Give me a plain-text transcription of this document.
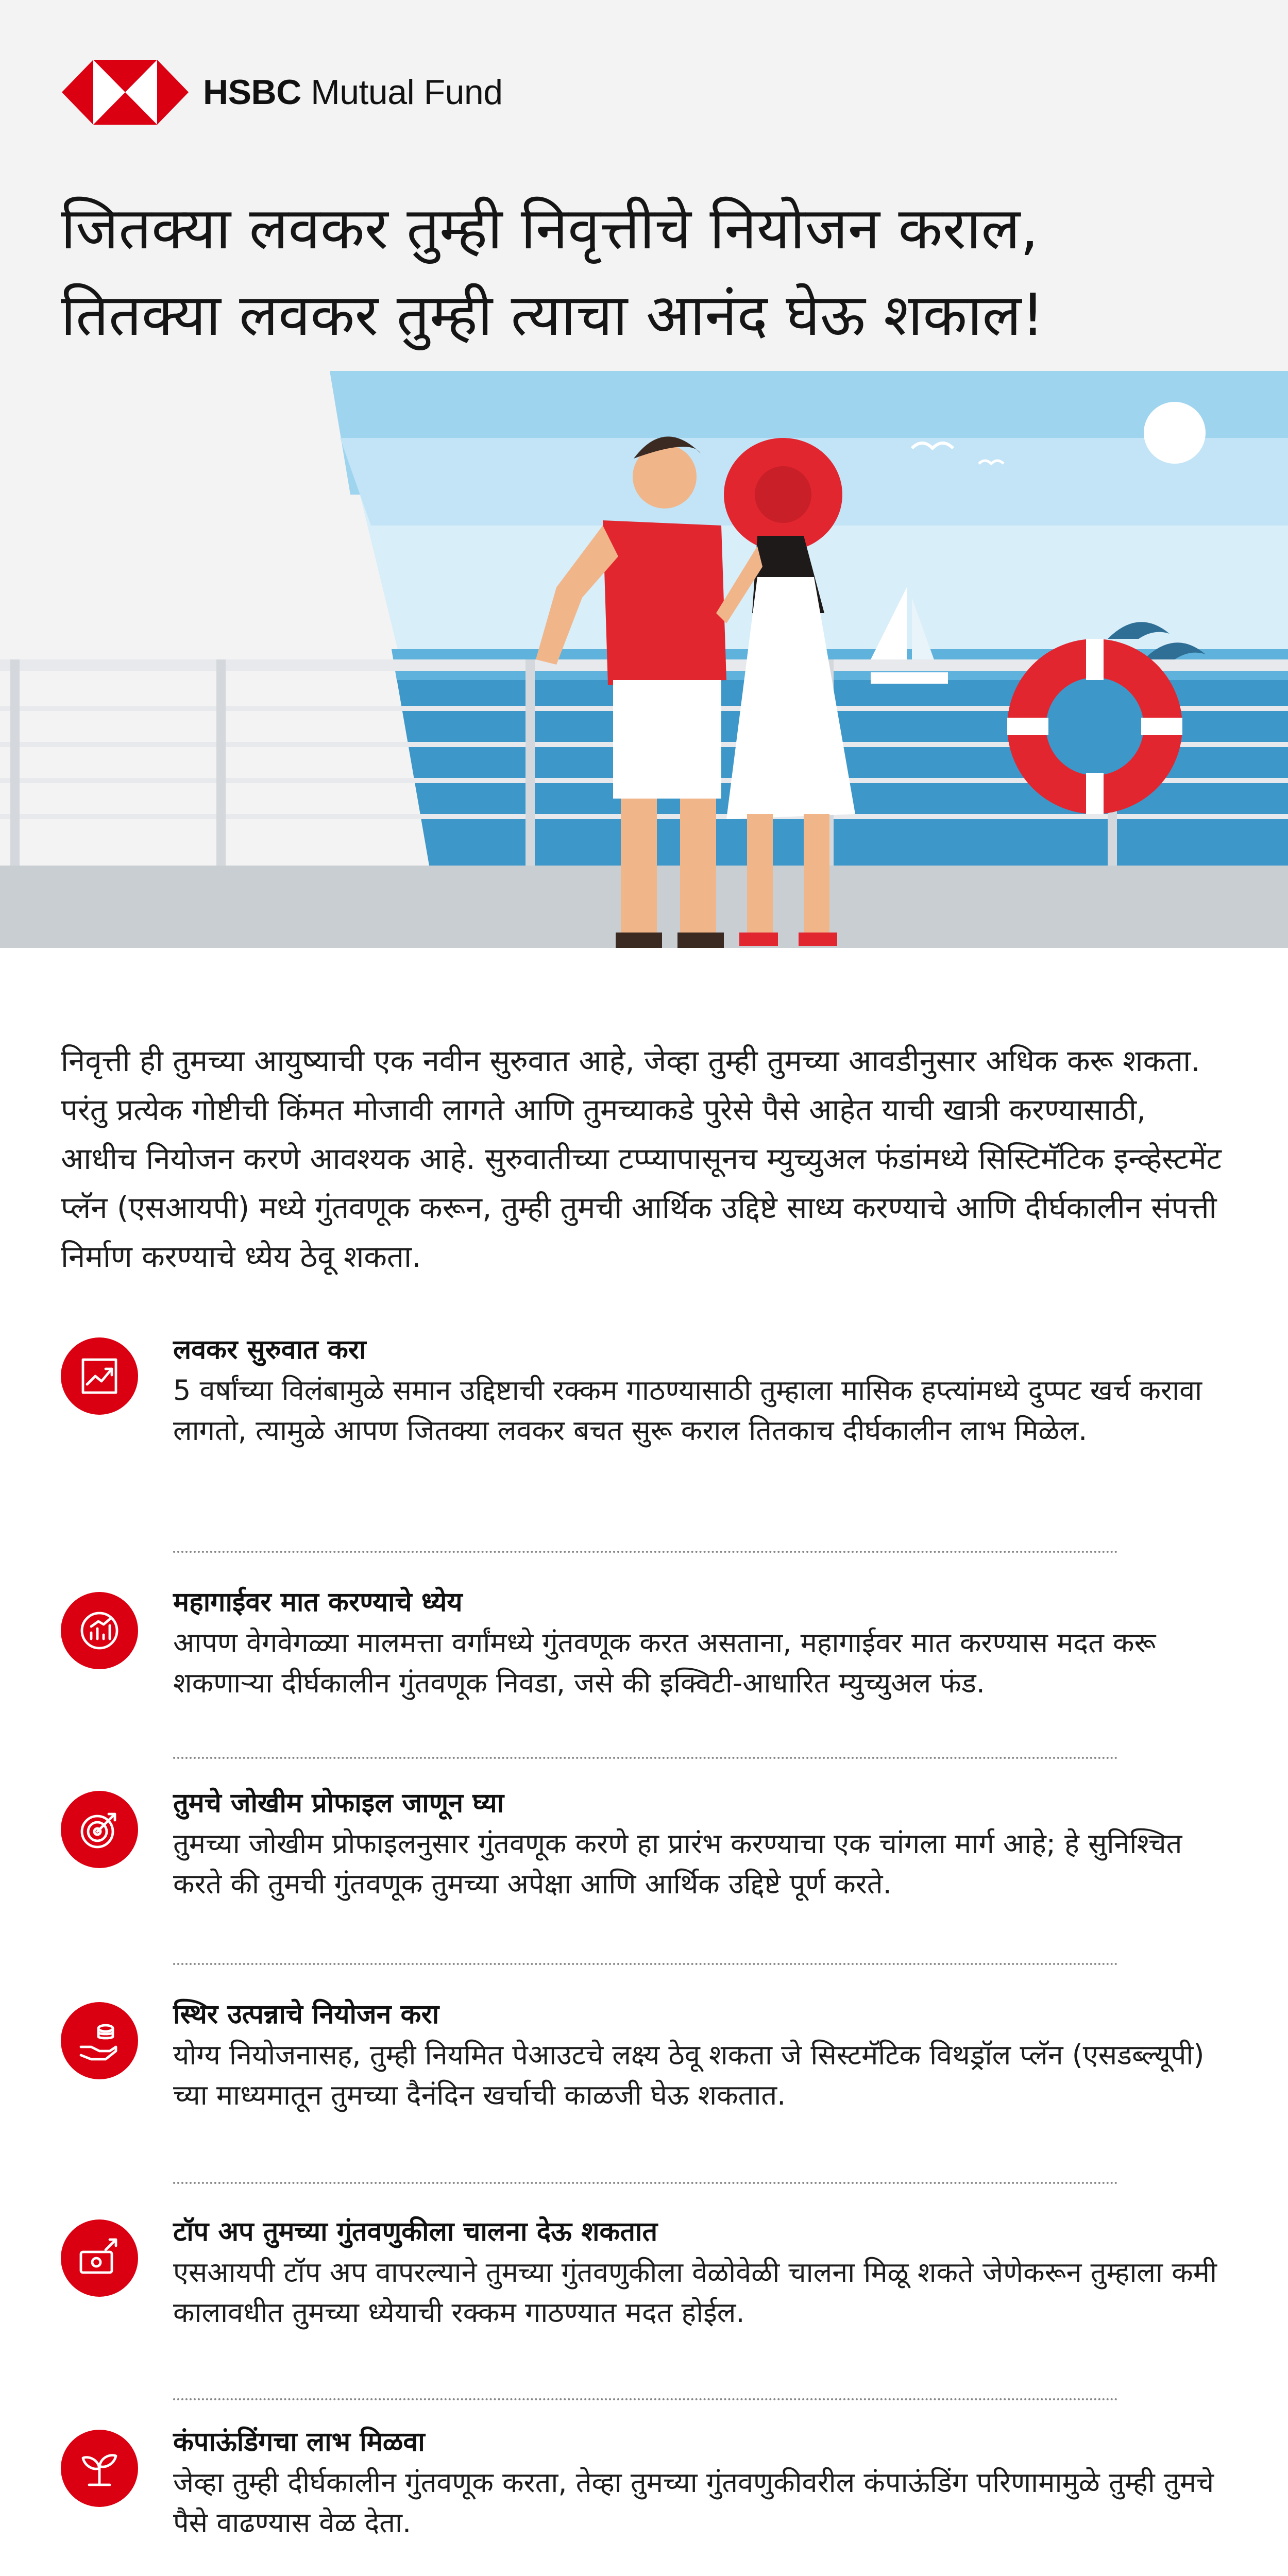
HSBC Mutual Fund
जितक्या लवकर तुम्ही निवृत्तीचे नियोजन कराल,
तितक्या लवकर तुम्ही त्याचा आनंद घेऊ शकाल!

निवृत्ती ही तुमच्या आयुष्याची एक नवीन सुरुवात आहे, जेव्हा तुम्ही तुमच्या आवडीनुसार अधिक करू शकता. परंतु प्रत्येक गोष्टीची किंमत मोजावी लागते आणि तुमच्याकडे पुरेसे पैसे आहेत याची खात्री करण्यासाठी, आधीच नियोजन करणे आवश्यक आहे. सुरुवातीच्या टप्प्यापासूनच म्युच्युअल फंडांमध्ये सिस्टिमॅटिक इन्व्हेस्टमेंट प्लॅन (एसआयपी) मध्ये गुंतवणूक करून, तुम्ही तुमची आर्थिक उद्दिष्टे साध्य करण्याचे आणि दीर्घकालीन संपत्ती निर्माण करण्याचे ध्येय ठेवू शकता.

लवकर सुरुवात करा
5 वर्षांच्या विलंबामुळे समान उद्दिष्टाची रक्कम गाठण्यासाठी तुम्हाला मासिक हप्त्यांमध्ये दुप्पट खर्च करावा लागतो, त्यामुळे आपण जितक्या लवकर बचत सुरू कराल तितकाच दीर्घकालीन लाभ मिळेल.
महागाईवर मात करण्याचे ध्येय
आपण वेगवेगळ्या मालमत्ता वर्गांमध्ये गुंतवणूक करत असताना, महागाईवर मात करण्यास मदत करू शकणाऱ्या दीर्घकालीन गुंतवणूक निवडा, जसे की इक्विटी-आधारित म्युच्युअल फंड.
तुमचे जोखीम प्रोफाइल जाणून घ्या
तुमच्या जोखीम प्रोफाइलनुसार गुंतवणूक करणे हा प्रारंभ करण्याचा एक चांगला मार्ग आहे; हे सुनिश्चित करते की तुमची गुंतवणूक तुमच्या अपेक्षा आणि आर्थिक उद्दिष्टे पूर्ण करते.
स्थिर उत्पन्नाचे नियोजन करा
योग्य नियोजनासह, तुम्ही नियमित पेआउटचे लक्ष्य ठेवू शकता जे सिस्टमॅटिक विथड्रॉल प्लॅन (एसडब्ल्यूपी) च्या माध्यमातून तुमच्या दैनंदिन खर्चाची काळजी घेऊ शकतात.
टॉप अप तुमच्या गुंतवणुकीला चालना देऊ शकतात
एसआयपी टॉप अप वापरल्याने तुमच्या गुंतवणुकीला वेळोवेळी चालना मिळू शकते जेणेकरून तुम्हाला कमी कालावधीत तुमच्या ध्येयाची रक्कम गाठण्यात मदत होईल.
कंपाऊंडिंगचा लाभ मिळवा
जेव्हा तुम्ही दीर्घकालीन गुंतवणूक करता, तेव्हा तुमच्या गुंतवणुकीवरील कंपाऊंडिंग परिणामामुळे तुम्ही तुमचे पैसे वाढण्यास वेळ देता.
